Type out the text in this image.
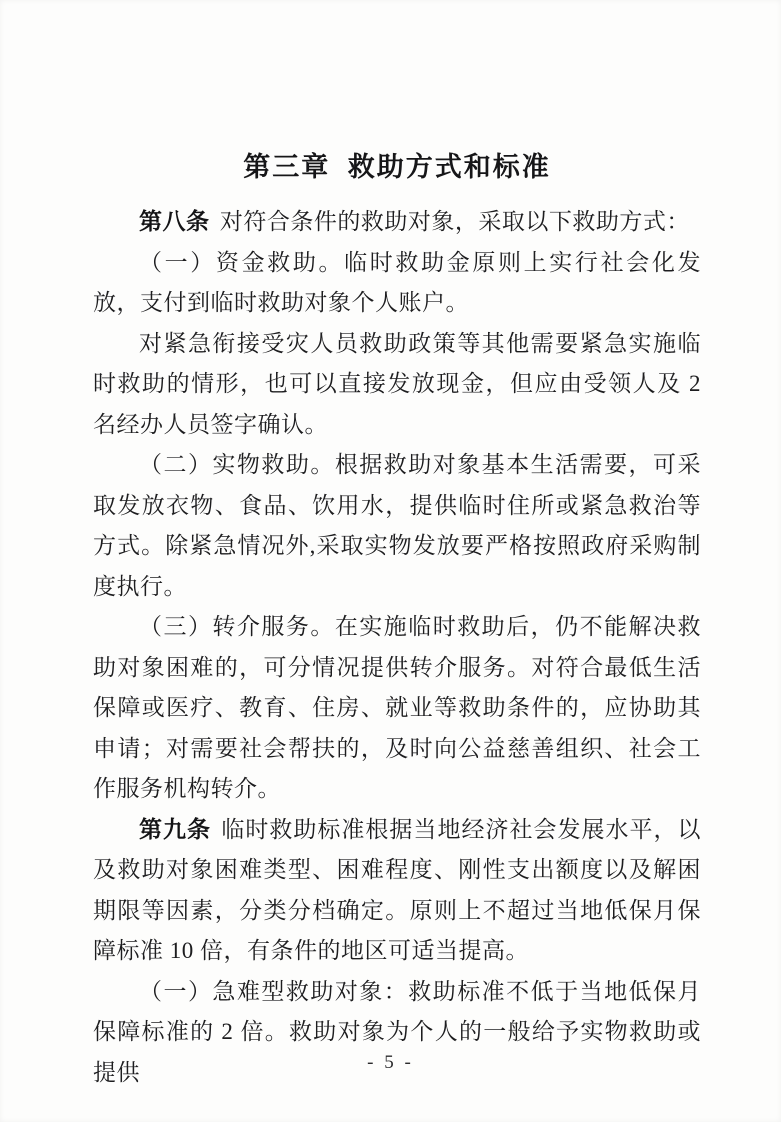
第三章  救助方式和标准

第八条 对符合条件的救助对象，采取以下救助方式：

（一）资金救助。临时救助金原则上实行社会化发放，支付到临时救助对象个人账户。

对紧急衔接受灾人员救助政策等其他需要紧急实施临时救助的情形，也可以直接发放现金，但应由受领人及 2 名经办人员签字确认。

（二）实物救助。根据救助对象基本生活需要，可采取发放衣物、食品、饮用水，提供临时住所或紧急救治等方式。除紧急情况外,采取实物发放要严格按照政府采购制度执行。

（三）转介服务。在实施临时救助后，仍不能解决救助对象困难的，可分情况提供转介服务。对符合最低生活保障或医疗、教育、住房、就业等救助条件的，应协助其申请；对需要社会帮扶的，及时向公益慈善组织、社会工作服务机构转介。

第九条 临时救助标准根据当地经济社会发展水平，以及救助对象困难类型、困难程度、刚性支出额度以及解困期限等因素，分类分档确定。原则上不超过当地低保月保障标准 10 倍，有条件的地区可适当提高。

（一）急难型救助对象：救助标准不低于当地低保月保障标准的 2 倍。救助对象为个人的一般给予实物救助或提供	- 5 -
